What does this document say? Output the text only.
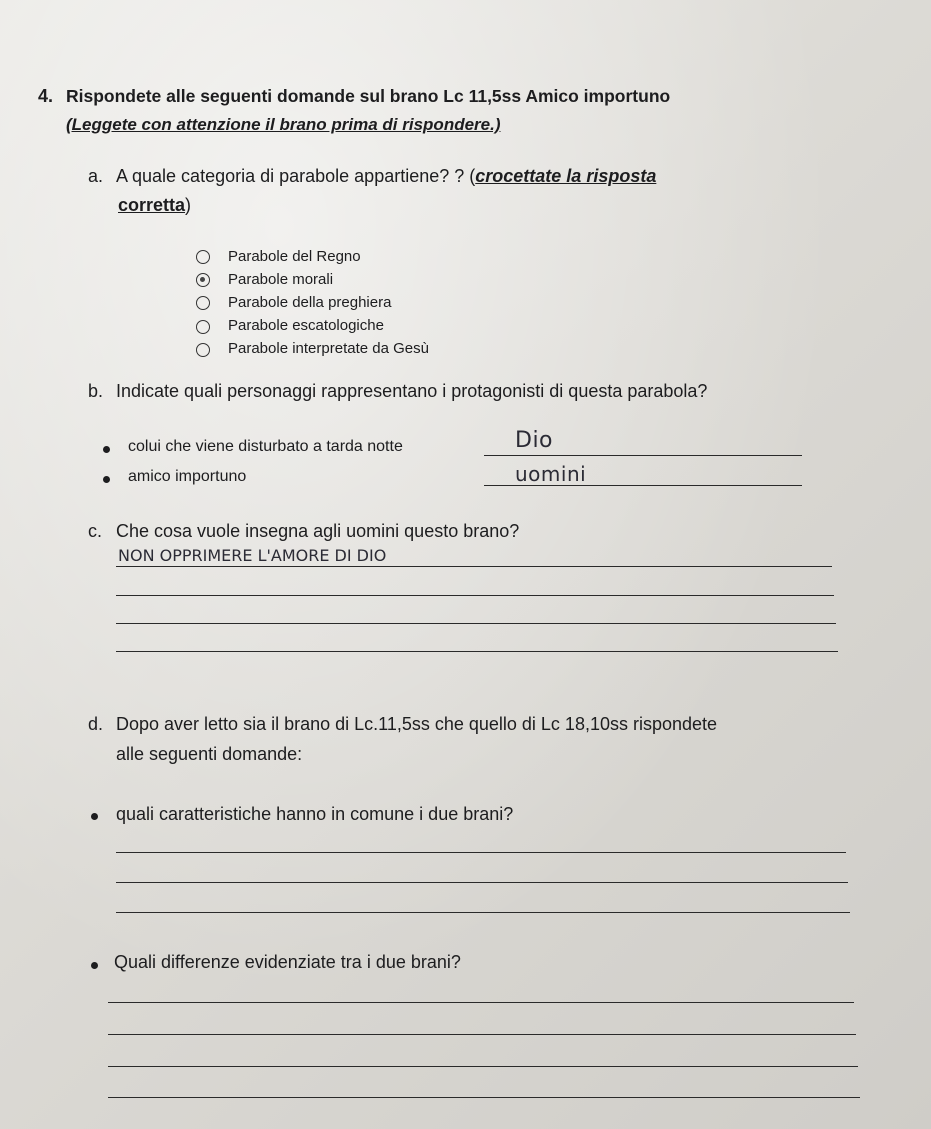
4. Rispondete alle seguenti domande sul brano Lc 11,5ss Amico importuno
(Leggete con attenzione il brano prima di rispondere.)
a. A quale categoria di parabole appartiene? ? (crocettate la risposta
corretta)
Parabole del Regno
Parabole morali
Parabole della preghiera
Parabole escatologiche
Parabole interpretate da Gesù
b. Indicate quali personaggi rappresentano i protagonisti di questa parabola?
colui che viene disturbato a tarda notte	Dio
amico importuno	uomini
c. Che cosa vuole insegna agli uomini questo brano?
NON OPPRIMERE L'AMORE DI DIO
d. Dopo aver letto sia il brano di Lc.11,5ss che quello di Lc 18,10ss rispondete
alle seguenti domande:
quali caratteristiche hanno in comune i due brani?
Quali differenze evidenziate tra i due brani?
